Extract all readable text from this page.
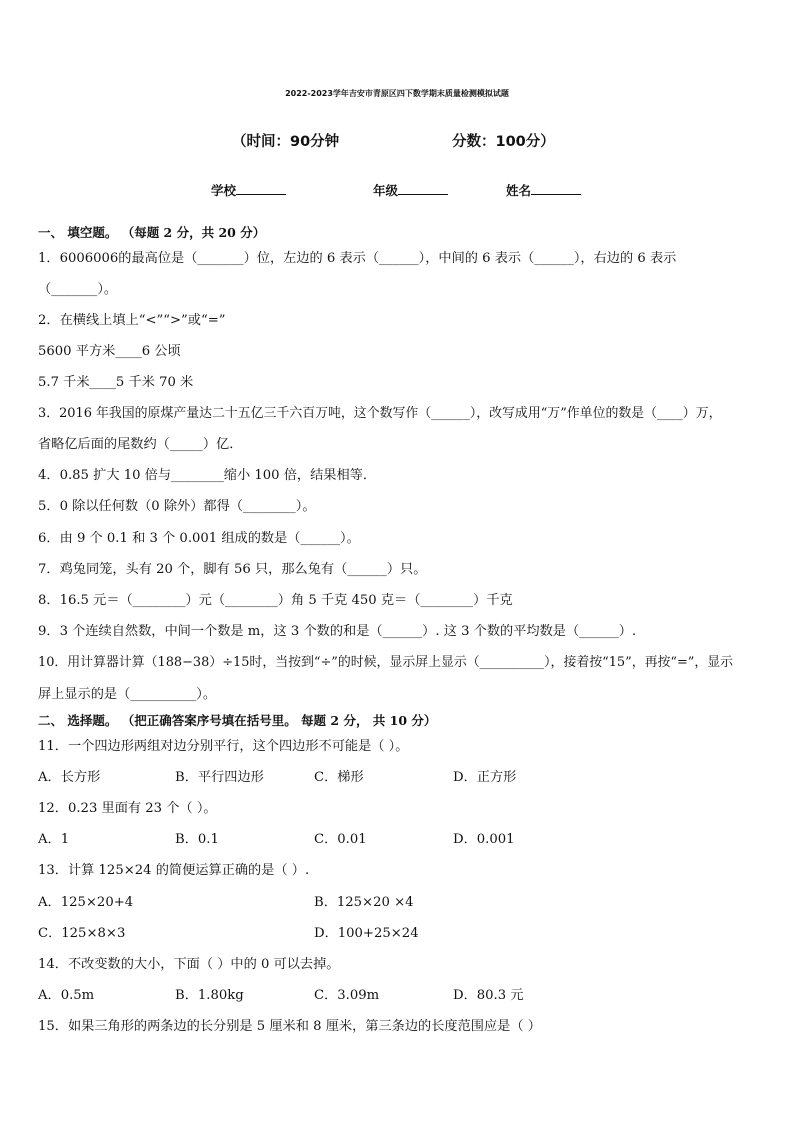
2022-2023学年吉安市青原区四下数学期末质量检测模拟试题
（时间：90分钟	分数：100分）
学校	年级	姓名
一、 填空题。 （每题 2 分，共 20 分）
1．6006006的最高位是（_______）位，左边的 6 表示（______），中间的 6 表示（______），右边的 6 表示
（_______）。
2．在横线上填上“<”“>”或“=”
5600 平方米____6 公顷
5.7 千米____5 千米 70 米
3．2016 年我国的原煤产量达二十五亿三千六百万吨，这个数写作（______），改写成用“万”作单位的数是（____）万，
省略亿后面的尾数约（_____）亿．
4．0.85 扩大 10 倍与________缩小 100 倍，结果相等．
5．0 除以任何数（0 除外）都得（________）。
6．由 9 个 0.1 和 3 个 0.001 组成的数是（______）。
7．鸡兔同笼，头有 20 个，脚有 56 只，那么兔有（______）只。
8．16.5 元＝（________）元（________）角 5 千克 450 克＝（________）千克
9．3 个连续自然数，中间一个数是 m，这 3 个数的和是（______）. 这 3 个数的平均数是（______）.
10．用计算器计算（188−38）÷15时，当按到“÷”的时候，显示屏上显示（__________），接着按“15”，再按“=”，显示
屏上显示的是（__________）。
二、 选择题。 （把正确答案序号填在括号里。 每题 2 分， 共 10 分）
11．一个四边形两组对边分别平行，这个四边形不可能是（ ）。
A．长方形	B．平行四边形	C．梯形	D．正方形
12．0.23 里面有 23 个（ ）。
A．1	B．0.1	C．0.01	D．0.001
13．计算 125×24 的简便运算正确的是（ ）.
A．125×20+4	B．125×20 ×4
C．125×8×3	D．100+25×24
14．不改变数的大小，下面（ ）中的 0 可以去掉。
A．0.5m	B．1.80kg	C．3.09m	D．80.3 元
15．如果三角形的两条边的长分别是 5 厘米和 8 厘米，第三条边的长度范围应是（ ）
